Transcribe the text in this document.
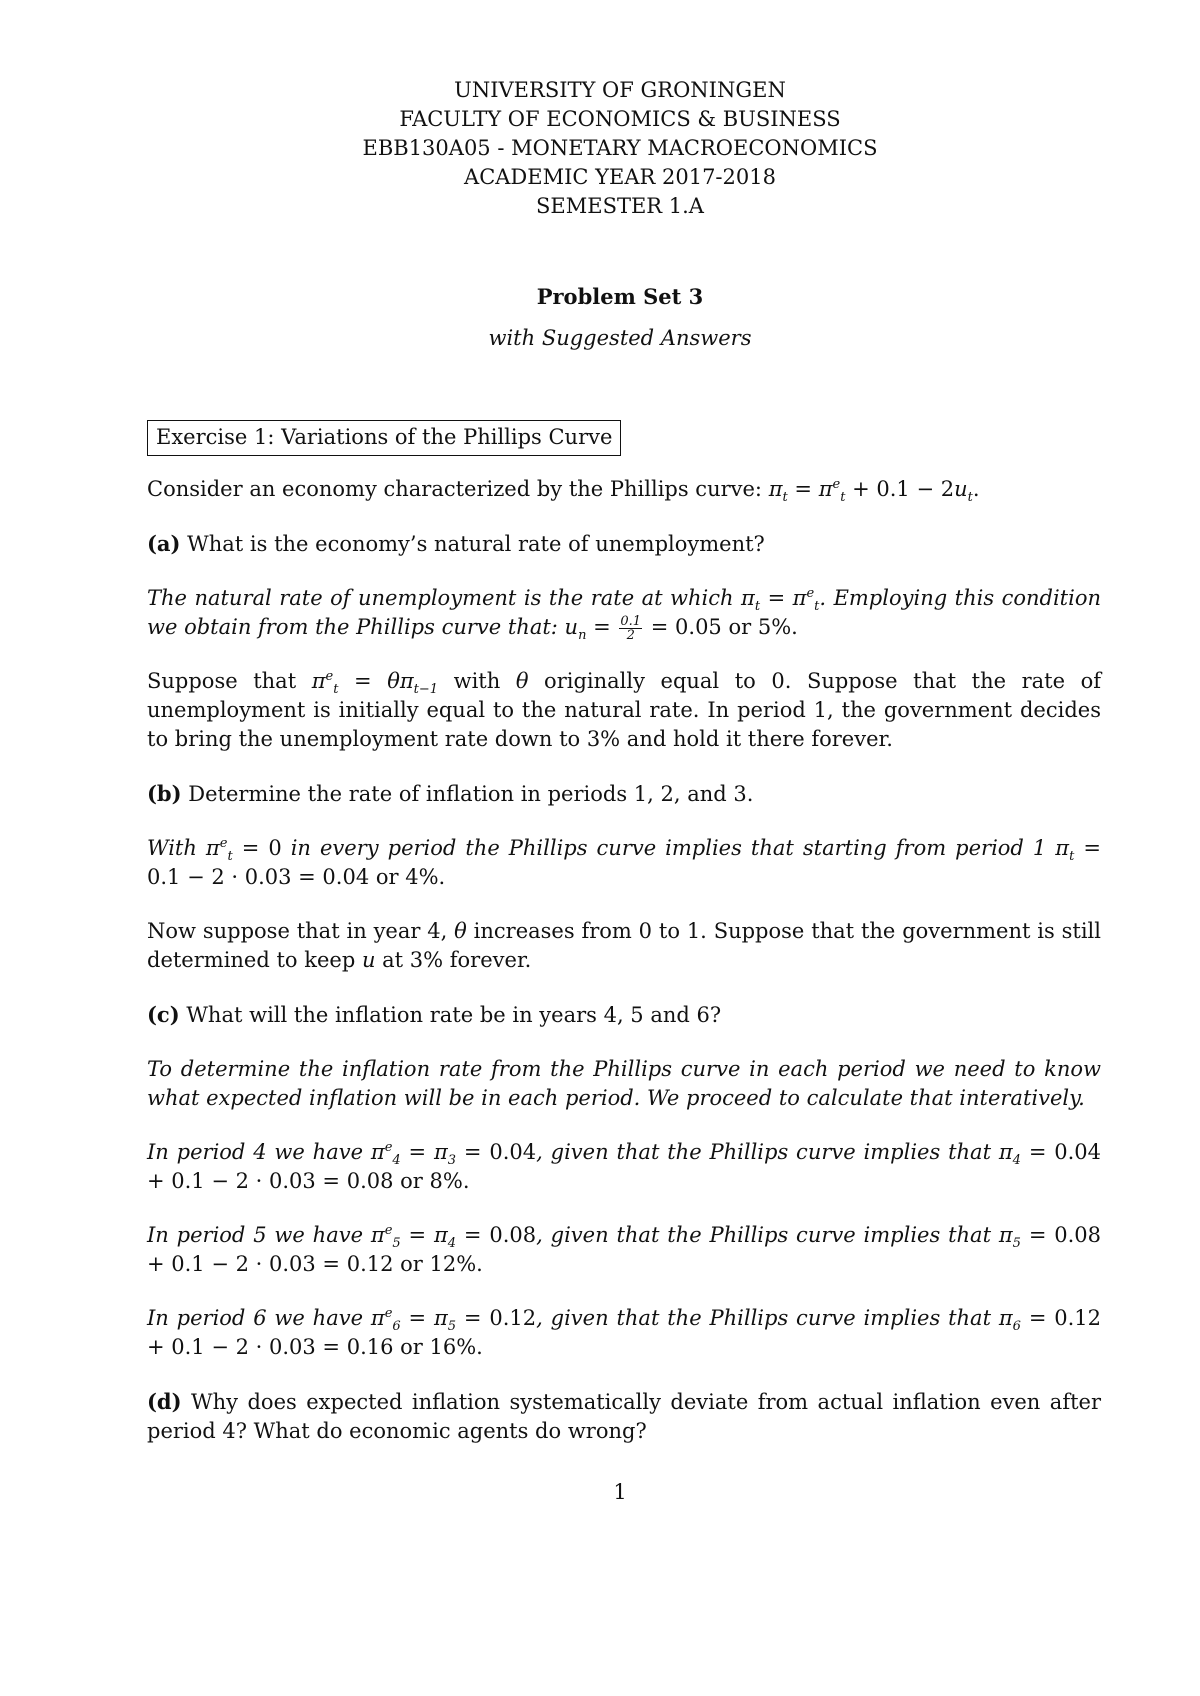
UNIVERSITY OF GRONINGEN
FACULTY OF ECONOMICS & BUSINESS
EBB130A05 - MONETARY MACROECONOMICS
ACADEMIC YEAR 2017-2018
SEMESTER 1.A
Problem Set 3
with Suggested Answers
Exercise 1: Variations of the Phillips Curve

Consider an economy characterized by the Phillips curve: $\pi_t = \pi^e_t + 0.1 - 2u_t$.

(a) What is the economy’s natural rate of unemployment?

The natural rate of unemployment is the rate at which $\pi_t = \pi^e_t$. Employing this condition we obtain from the Phillips curve that: $u_n = \frac{0.1}{2} = 0.05$ or 5%.

Suppose that $\pi^e_t = \theta\pi_{t-1}$ with θ originally equal to 0. Suppose that the rate of unemployment is initially equal to the natural rate. In period 1, the government decides to bring the unemployment rate down to 3% and hold it there forever.

(b) Determine the rate of inflation in periods 1, 2, and 3.

With $\pi^e_t = 0$ in every period the Phillips curve implies that starting from period 1 $\pi_t = 0.1 - 2 \cdot 0.03 = 0.04$ or 4%.

Now suppose that in year 4, θ increases from 0 to 1. Suppose that the government is still determined to keep u at 3% forever.

(c) What will the inflation rate be in years 4, 5 and 6?

To determine the inflation rate from the Phillips curve in each period we need to know what expected inflation will be in each period. We proceed to calculate that interatively.

In period 4 we have $\pi^e_4 = \pi_3 = 0.04$, given that the Phillips curve implies that $\pi_4 = 0.04 + 0.1 - 2 \cdot 0.03 = 0.08$ or 8%.

In period 5 we have $\pi^e_5 = \pi_4 = 0.08$, given that the Phillips curve implies that $\pi_5 = 0.08 + 0.1 - 2 \cdot 0.03 = 0.12$ or 12%.

In period 6 we have $\pi^e_6 = \pi_5 = 0.12$, given that the Phillips curve implies that $\pi_6 = 0.12 + 0.1 - 2 \cdot 0.03 = 0.16$ or 16%.

(d) Why does expected inflation systematically deviate from actual inflation even after period 4? What do economic agents do wrong?

1
